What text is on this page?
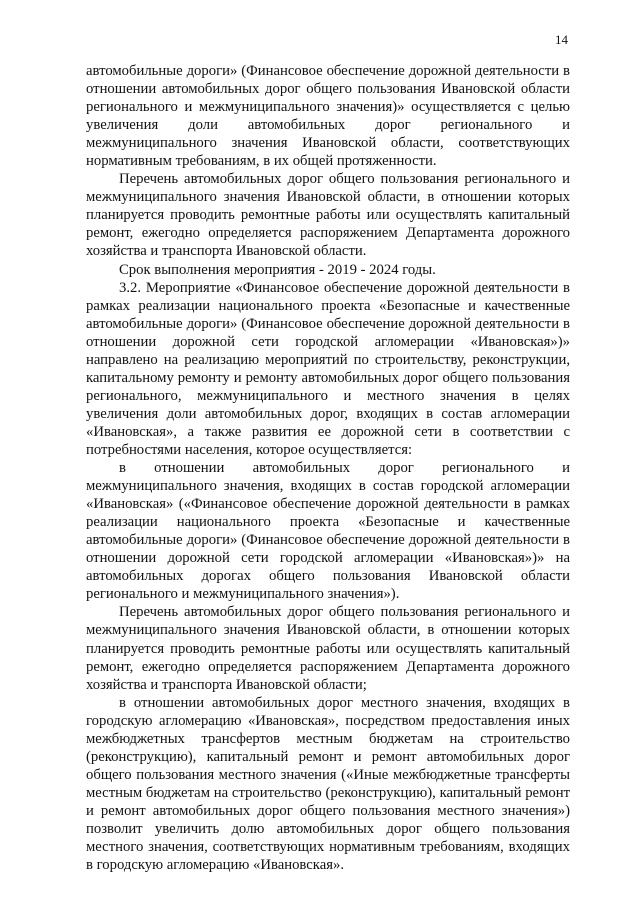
14

автомобильные дороги» (Финансовое обеспечение дорожной деятельности в отношении автомобильных дорог общего пользования Ивановской области регионального и межмуниципального значения)» осуществляется с целью увеличения доли автомобильных дорог регионального и межмуниципального значения Ивановской области, соответствующих нормативным требованиям, в их общей протяженности.

Перечень автомобильных дорог общего пользования регионального и межмуниципального значения Ивановской области, в отношении которых планируется проводить ремонтные работы или осуществлять капитальный ремонт, ежегодно определяется распоряжением Департамента дорожного хозяйства и транспорта Ивановской области.

Срок выполнения мероприятия - 2019 - 2024 годы.

3.2. Мероприятие «Финансовое обеспечение дорожной деятельности в рамках реализации национального проекта «Безопасные и качественные автомобильные дороги» (Финансовое обеспечение дорожной деятельности в отношении дорожной сети городской агломерации «Ивановская»)» направлено на реализацию мероприятий по строительству, реконструкции, капитальному ремонту и ремонту автомобильных дорог общего пользования регионального, межмуниципального и местного значения в целях увеличения доли автомобильных дорог, входящих в состав агломерации «Ивановская», а также развития ее дорожной сети в соответствии с потребностями населения, которое осуществляется:

в отношении автомобильных дорог регионального и межмуниципального значения, входящих в состав городской агломерации «Ивановская» («Финансовое обеспечение дорожной деятельности в рамках реализации национального проекта «Безопасные и качественные автомобильные дороги» (Финансовое обеспечение дорожной деятельности в отношении дорожной сети городской агломерации «Ивановская»)» на автомобильных дорогах общего пользования Ивановской области регионального и межмуниципального значения»).

Перечень автомобильных дорог общего пользования регионального и межмуниципального значения Ивановской области, в отношении которых планируется проводить ремонтные работы или осуществлять капитальный ремонт, ежегодно определяется распоряжением Департамента дорожного хозяйства и транспорта Ивановской области;

в отношении автомобильных дорог местного значения, входящих в городскую агломерацию «Ивановская», посредством предоставления иных межбюджетных трансфертов местным бюджетам на строительство (реконструкцию), капитальный ремонт и ремонт автомобильных дорог общего пользования местного значения («Иные межбюджетные трансферты местным бюджетам на строительство (реконструкцию), капитальный ремонт и ремонт автомобильных дорог общего пользования местного значения») позволит увеличить долю автомобильных дорог общего пользования местного значения, соответствующих нормативным требованиям, входящих в городскую агломерацию «Ивановская».
